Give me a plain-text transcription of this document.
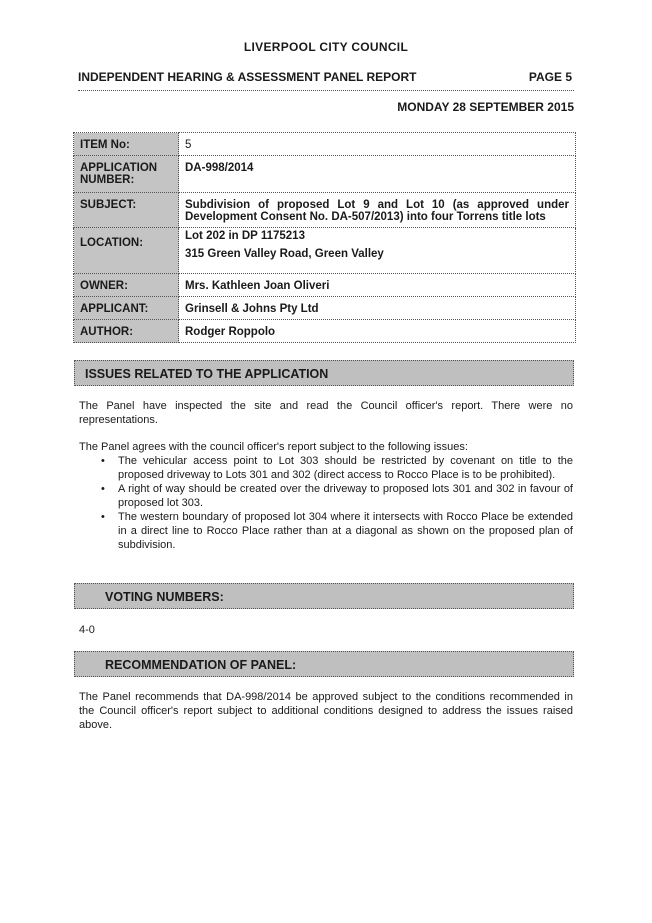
LIVERPOOL CITY COUNCIL
INDEPENDENT HEARING & ASSESSMENT PANEL REPORT	PAGE 5
MONDAY 28 SEPTEMBER 2015
ITEM No:	5
APPLICATION
NUMBER:	DA-998/2014
SUBJECT:	Subdivision of proposed Lot 9 and Lot 10 (as approved under
Development Consent No. DA-507/2013) into four Torrens title lots

LOCATION:	Lot 202 in DP 1175213
315 Green Valley Road, Green Valley

OWNER:	Mrs. Kathleen Joan Oliveri
APPLICANT:	Grinsell & Johns Pty Ltd
AUTHOR:	Rodger Roppolo
ISSUES RELATED TO THE APPLICATION
The Panel have inspected the site and read the Council officer's report. There were no representations.
The Panel agrees with the council officer's report subject to the following issues:
• The vehicular access point to Lot 303 should be restricted by covenant on title to the proposed driveway to Lots 301 and 302 (direct access to Rocco Place is to be prohibited).
• A right of way should be created over the driveway to proposed lots 301 and 302 in favour of proposed lot 303.
• The western boundary of proposed lot 304 where it intersects with Rocco Place be extended in a direct line to Rocco Place rather than at a diagonal as shown on the proposed plan of subdivision.
VOTING NUMBERS:
4-0
RECOMMENDATION OF PANEL:
The Panel recommends that DA-998/2014 be approved subject to the conditions recommended in the Council officer's report subject to additional conditions designed to address the issues raised above.
